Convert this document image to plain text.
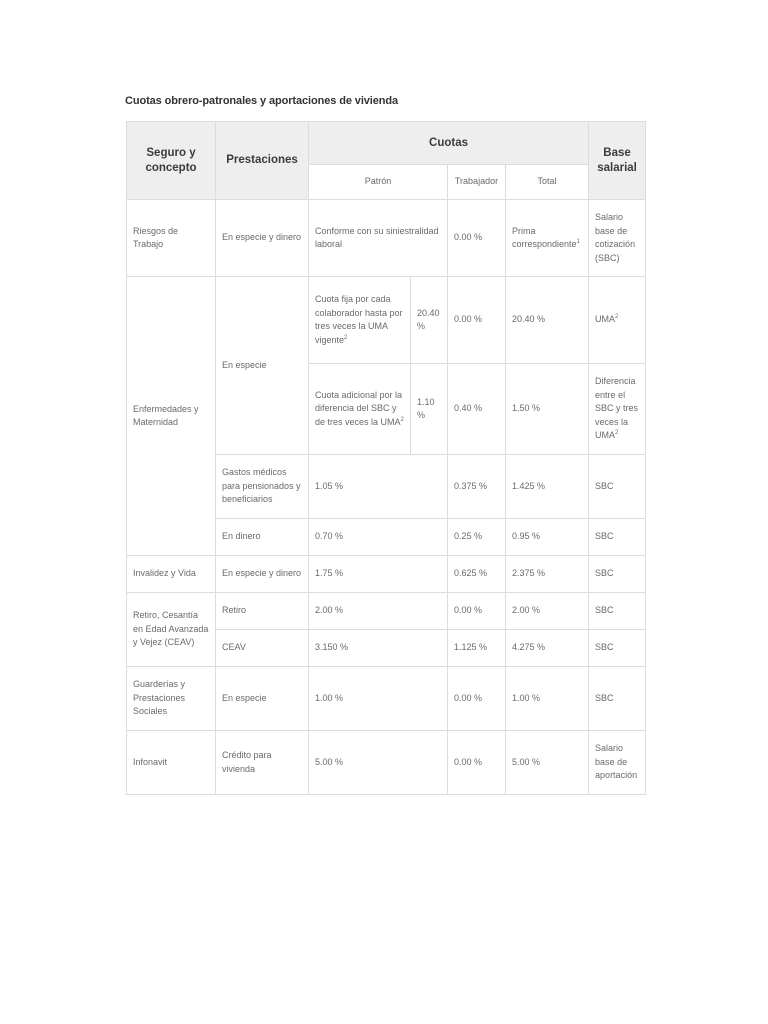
Cuotas obrero-patronales y aportaciones de vivienda
Seguro y concepto	Prestaciones	Cuotas				Base salarial
		Patrón		Trabajador	Total	
Riesgos de Trabajo	En especie y dinero	Conforme con su siniestralidad laboral		0.00 %	Prima correspondiente$^1$	Salario base de cotización (SBC)
Enfermedades y Maternidad	En especie	Cuota fija por cada colaborador hasta por tres veces la UMA vigente$^2$	20.40 %	0.00 %	20.40 %	UMA$^2$
		Cuota adicional por la diferencia del SBC y de tres veces la UMA$^2$	1.10 %	0.40 %	1.50 %	Diferencia entre el SBC y tres veces la UMA$^2$
	Gastos médicos para pensionados y beneficiarios	1.05 %		0.375 %	1.425 %	SBC
	En dinero	0.70 %		0.25 %	0.95 %	SBC
Invalidez y Vida	En especie y dinero	1.75 %		0.625 %	2.375 %	SBC
Retiro, Cesantía en Edad Avanzada y Vejez (CEAV)	Retiro	2.00 %		0.00 %	2.00 %	SBC
	CEAV	3.150 %		1.125 %	4.275 %	SBC
Guarderías y Prestaciones Sociales	En especie	1.00 %		0.00 %	1.00 %	SBC
Infonavit	Crédito para vivienda	5.00 %		0.00 %	5.00 %	Salario base de aportación
